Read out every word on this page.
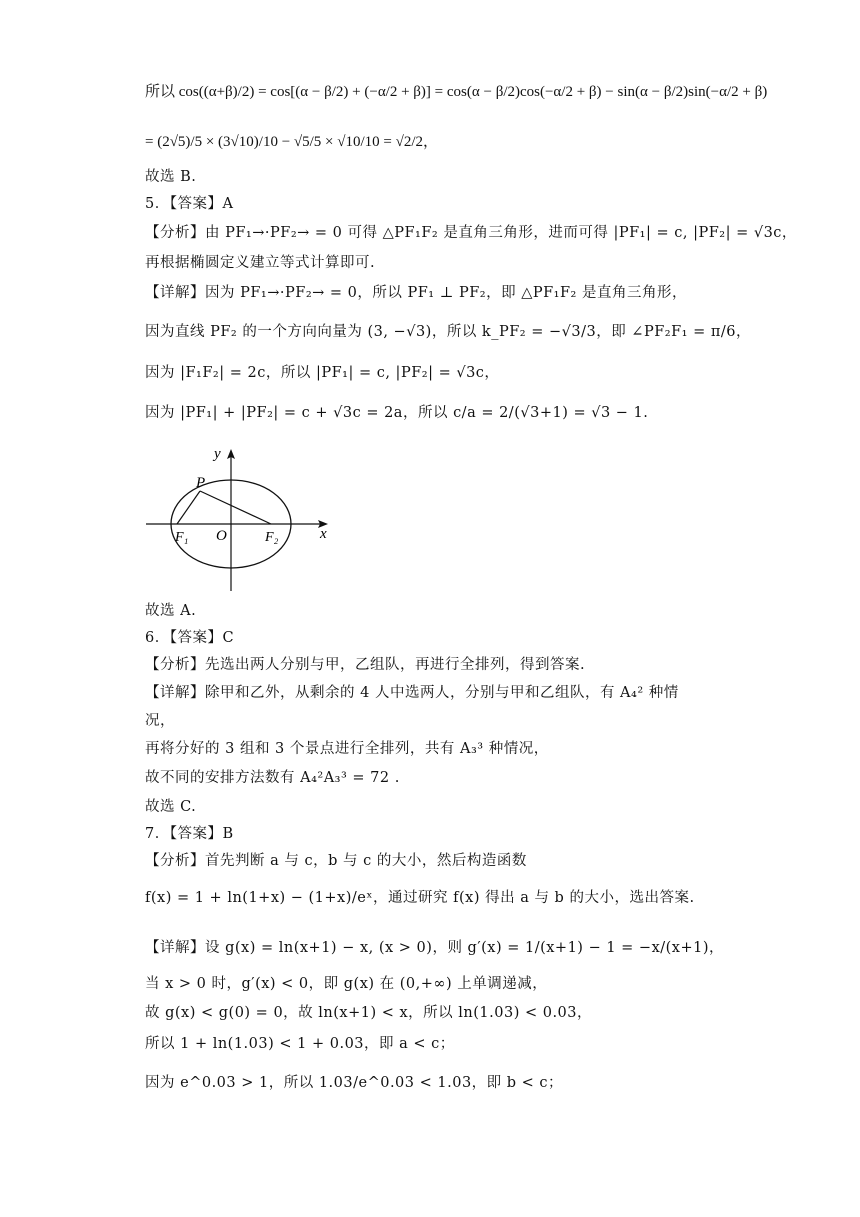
所以 cos((α+β)/2) = cos[(α − β/2) + (−α/2 + β)] = cos(α − β/2)cos(−α/2 + β) − sin(α − β/2)sin(−α/2 + β)
= (2√5)/5 × (3√10)/10 − √5/5 × √10/10 = √2/2，
故选 B.
5．【答案】A
【分析】由 PF₁→·PF₂→ = 0 可得 △PF₁F₂ 是直角三角形，进而可得 |PF₁| = c, |PF₂| = √3c，
再根据椭圆定义建立等式计算即可.
【详解】因为 PF₁→·PF₂→ = 0，所以 PF₁ ⊥ PF₂，即 △PF₁F₂ 是直角三角形，
因为直线 PF₂ 的一个方向向量为 (3, −√3)，所以 k_PF₂ = −√3/3，即 ∠PF₂F₁ = π/6，
因为 |F₁F₂| = 2c，所以 |PF₁| = c, |PF₂| = √3c，
因为 |PF₁| + |PF₂| = c + √3c = 2a，所以 c/a = 2/(√3+1) = √3 − 1.
y
x
P
O
F₁	F₂
故选 A.
6．【答案】C
【分析】先选出两人分别与甲，乙组队，再进行全排列，得到答案.
【详解】除甲和乙外，从剩余的 4 人中选两人，分别与甲和乙组队，有 A₄² 种情
况，
再将分好的 3 组和 3 个景点进行全排列，共有 A₃³ 种情况，
故不同的安排方法数有 A₄²A₃³ = 72 .
故选 C.
7．【答案】B
【分析】首先判断 a 与 c，b 与 c 的大小，然后构造函数
f(x) = 1 + ln(1+x) − (1+x)/eˣ，通过研究 f(x) 得出 a 与 b 的大小，选出答案.
【详解】设 g(x) = ln(x+1) − x, (x > 0)，则 g′(x) = 1/(x+1) − 1 = −x/(x+1)，
当 x > 0 时，g′(x) < 0，即 g(x) 在 (0,+∞) 上单调递减，
故 g(x) < g(0) = 0，故 ln(x+1) < x，所以 ln(1.03) < 0.03，
所以 1 + ln(1.03) < 1 + 0.03，即 a < c；
因为 e^0.03 > 1，所以 1.03/e^0.03 < 1.03，即 b < c；
